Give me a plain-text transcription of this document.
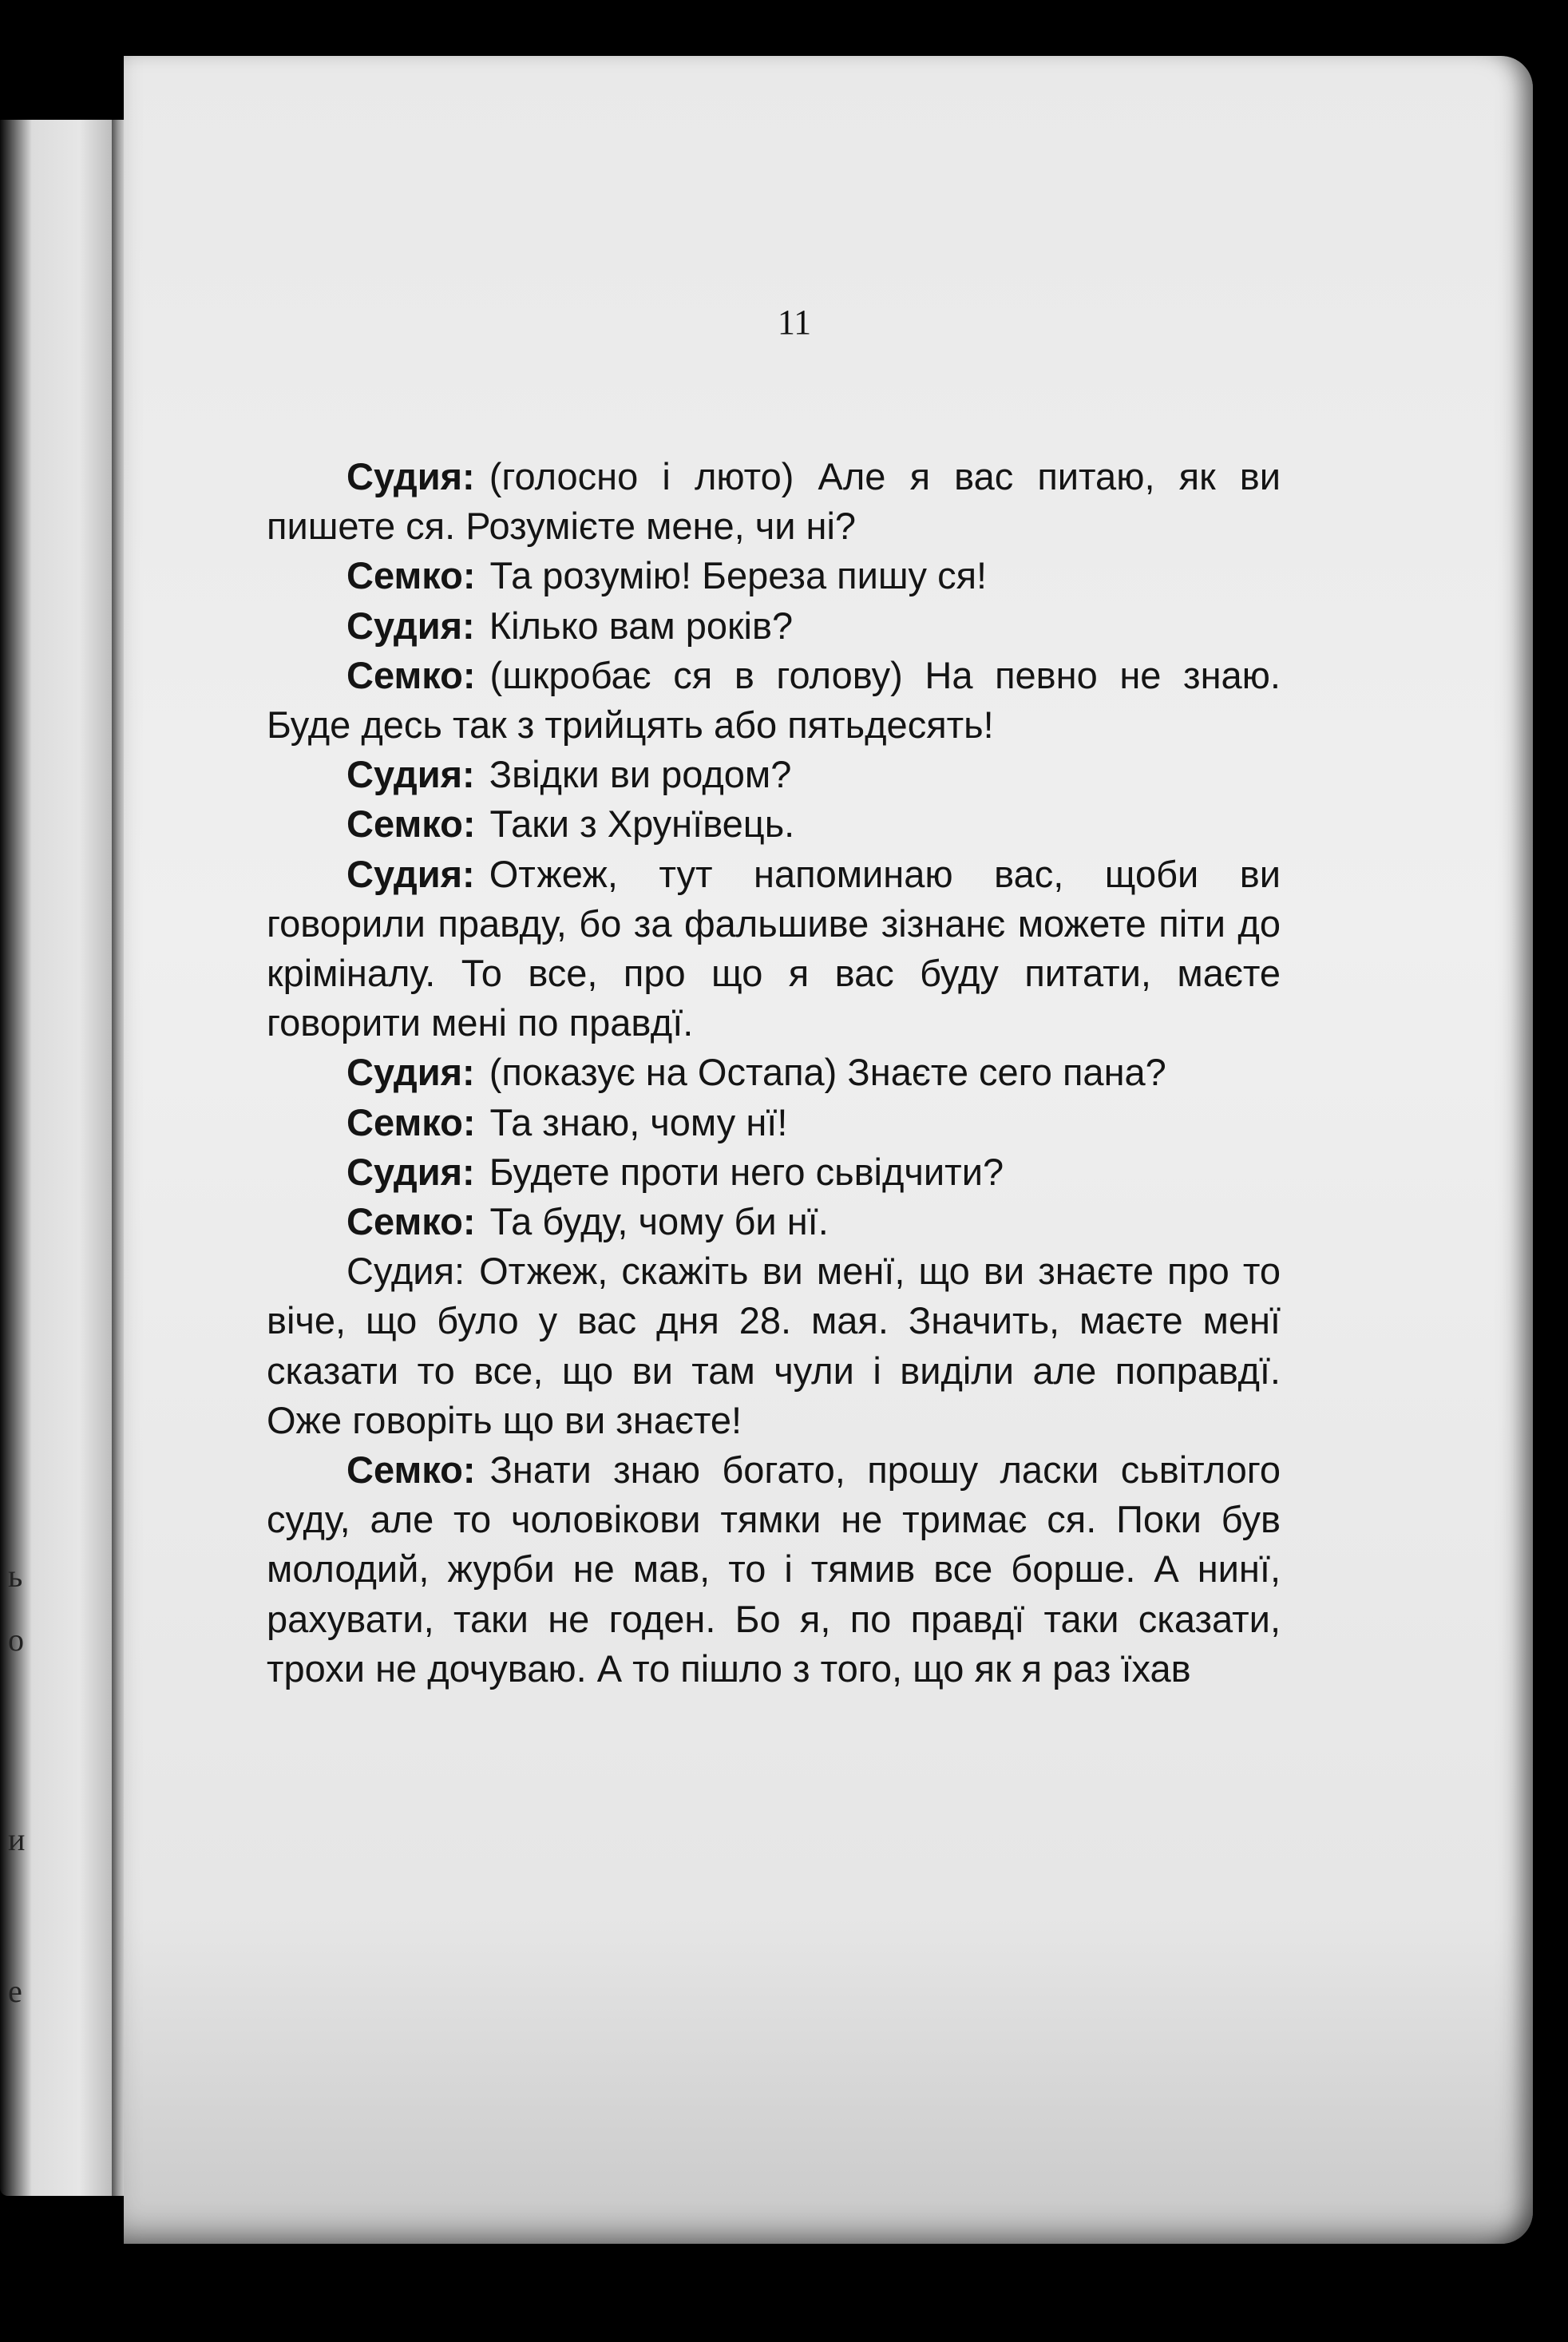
ь
о
и
е
11

Судия: (голосно і люто) Але я вас питаю, як ви пишете ся. Розумієте мене, чи ні?

Семко: Та розумію! Береза пишу ся!

Судия: Кілько вам років?

Семко: (шкробає ся в голову) На певно не знаю. Буде десь так з трийцять або пятьдесять!

Судия: Звідки ви родом?

Семко: Таки з Хрунївець.

Судия: Отжеж, тут напоминаю вас, щоби ви говорили правду, бо за фальшиве зізнанє можете піти до кріміналу. То все, про що я вас буду питати, маєте говорити мені по правдї.

Судия: (показує на Остапа) Знаєте сего пана?

Семко: Та знаю, чому нї!

Судия: Будете проти него сьвідчити?

Семко: Та буду, чому би нї.

Судия: Отжеж, скажіть ви менї, що ви знаєте про то віче, що було у вас дня 28. мая. Значить, маєте менї сказати то все, що ви там чули і виділи але поправдї. Оже говоріть що ви знаєте!

Семко: Знати знаю богато, прошу ласки сьвітлого суду, але то чоловікови тямки не тримає ся. Поки був молодий, журби не мав, то і тямив все борше. А нинї, рахувати, таки не годен. Бо я, по правдї таки сказати, трохи не дочуваю. А то пішло з того, що як я раз їхав
